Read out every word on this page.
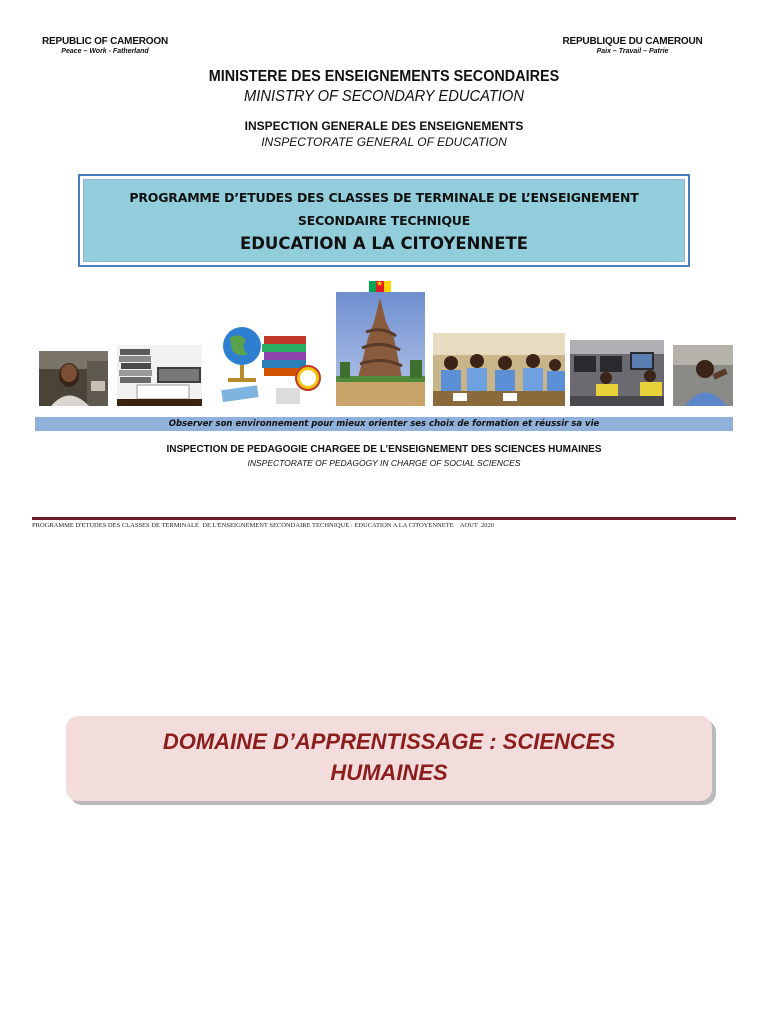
REPUBLIC OF CAMEROON
Peace – Work - Fatherland
REPUBLIQUE DU CAMEROUN
Paix – Travail – Patrie
MINISTERE DES ENSEIGNEMENTS SECONDAIRES
MINISTRY OF SECONDARY EDUCATION
INSPECTION GENERALE DES ENSEIGNEMENTS
INSPECTORATE GENERAL OF EDUCATION
PROGRAMME D’ETUDES DES CLASSES DE TERMINALE DE L’ENSEIGNEMENT
SECONDAIRE TECHNIQUE
EDUCATION A LA CITOYENNETE
★
Observer son environnement pour mieux orienter ses choix de formation et réussir sa vie
INSPECTION DE PEDAGOGIE CHARGEE DE L’ENSEIGNEMENT DES SCIENCES HUMAINES
INSPECTORATE OF PEDAGOGY IN CHARGE OF SOCIAL SCIENCES
PROGRAMME D'ETUDES DES CLASSES DE TERMINALE  DE L'ENSEIGNEMENT SECONDAIRE TECHNIQUE : EDUCATION A LA CITOYENNETE    AOUT  2020
DOMAINE D’APPRENTISSAGE : SCIENCES
HUMAINES
